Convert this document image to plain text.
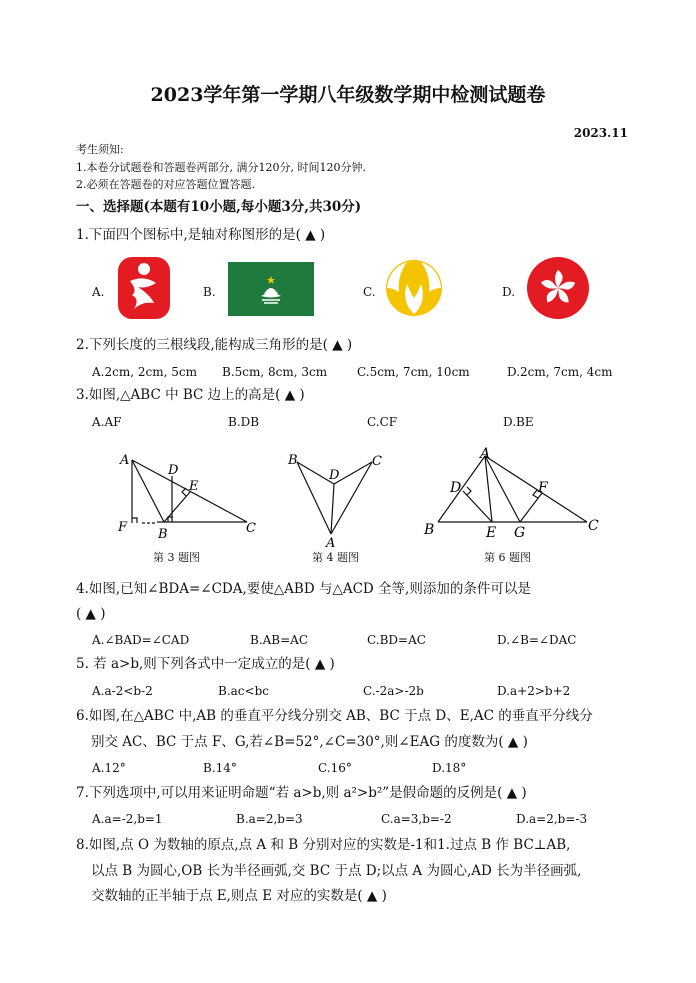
2023学年第一学期八年级数学期中检测试题卷
2023.11
考生须知:
1.本卷分试题卷和答题卷两部分, 满分120分, 时间120分钟.
2.必须在答题卷的对应答题位置答题.
一、选择题(本题有10小题,每小题3分,共30分)
1.下面四个图标中,是轴对称图形的是( ▲ )
A.	B.	C.	D.
2.下列长度的三根线段,能构成三角形的是( ▲ )
A.2cm, 2cm, 5cm B.5cm, 8cm, 3cm C.5cm, 7cm, 10cm	D.2cm, 7cm, 4cm
3.如图,△ABC 中 BC 边上的高是( ▲ )
A.AF	B.DB	C.CF	D.BE
A
D
E
F B	C
B
D
C
A
A
D	F
B	E G	C
第 3 题图	第 4 题图	第 6 题图
4.如图,已知∠BDA=∠CDA,要使△ABD 与△ACD 全等,则添加的条件可以是
( ▲ )
A.∠BAD=∠CAD	B.AB=AC	C.BD=AC	D.∠B=∠DAC
5. 若 a>b,则下列各式中一定成立的是( ▲ )
A.a-2<b-2	B.ac<bc	C.-2a>-2b	D.a+2>b+2
6.如图,在△ABC 中,AB 的垂直平分线分别交 AB、BC 于点 D、E,AC 的垂直平分线分
别交 AC、BC 于点 F、G,若∠B=52°,∠C=30°,则∠EAG 的度数为( ▲ )
A.12°	B.14°	C.16°	D.18°
7.下列选项中,可以用来证明命题“若 a>b,则 a²>b²”是假命题的反例是( ▲ )
A.a=-2,b=1	B.a=2,b=3	C.a=3,b=-2	D.a=2,b=-3
8.如图,点 O 为数轴的原点,点 A 和 B 分别对应的实数是-1和1.过点 B 作 BC⊥AB,
以点 B 为圆心,OB 长为半径画弧,交 BC 于点 D;以点 A 为圆心,AD 长为半径画弧,
交数轴的正半轴于点 E,则点 E 对应的实数是( ▲ )
